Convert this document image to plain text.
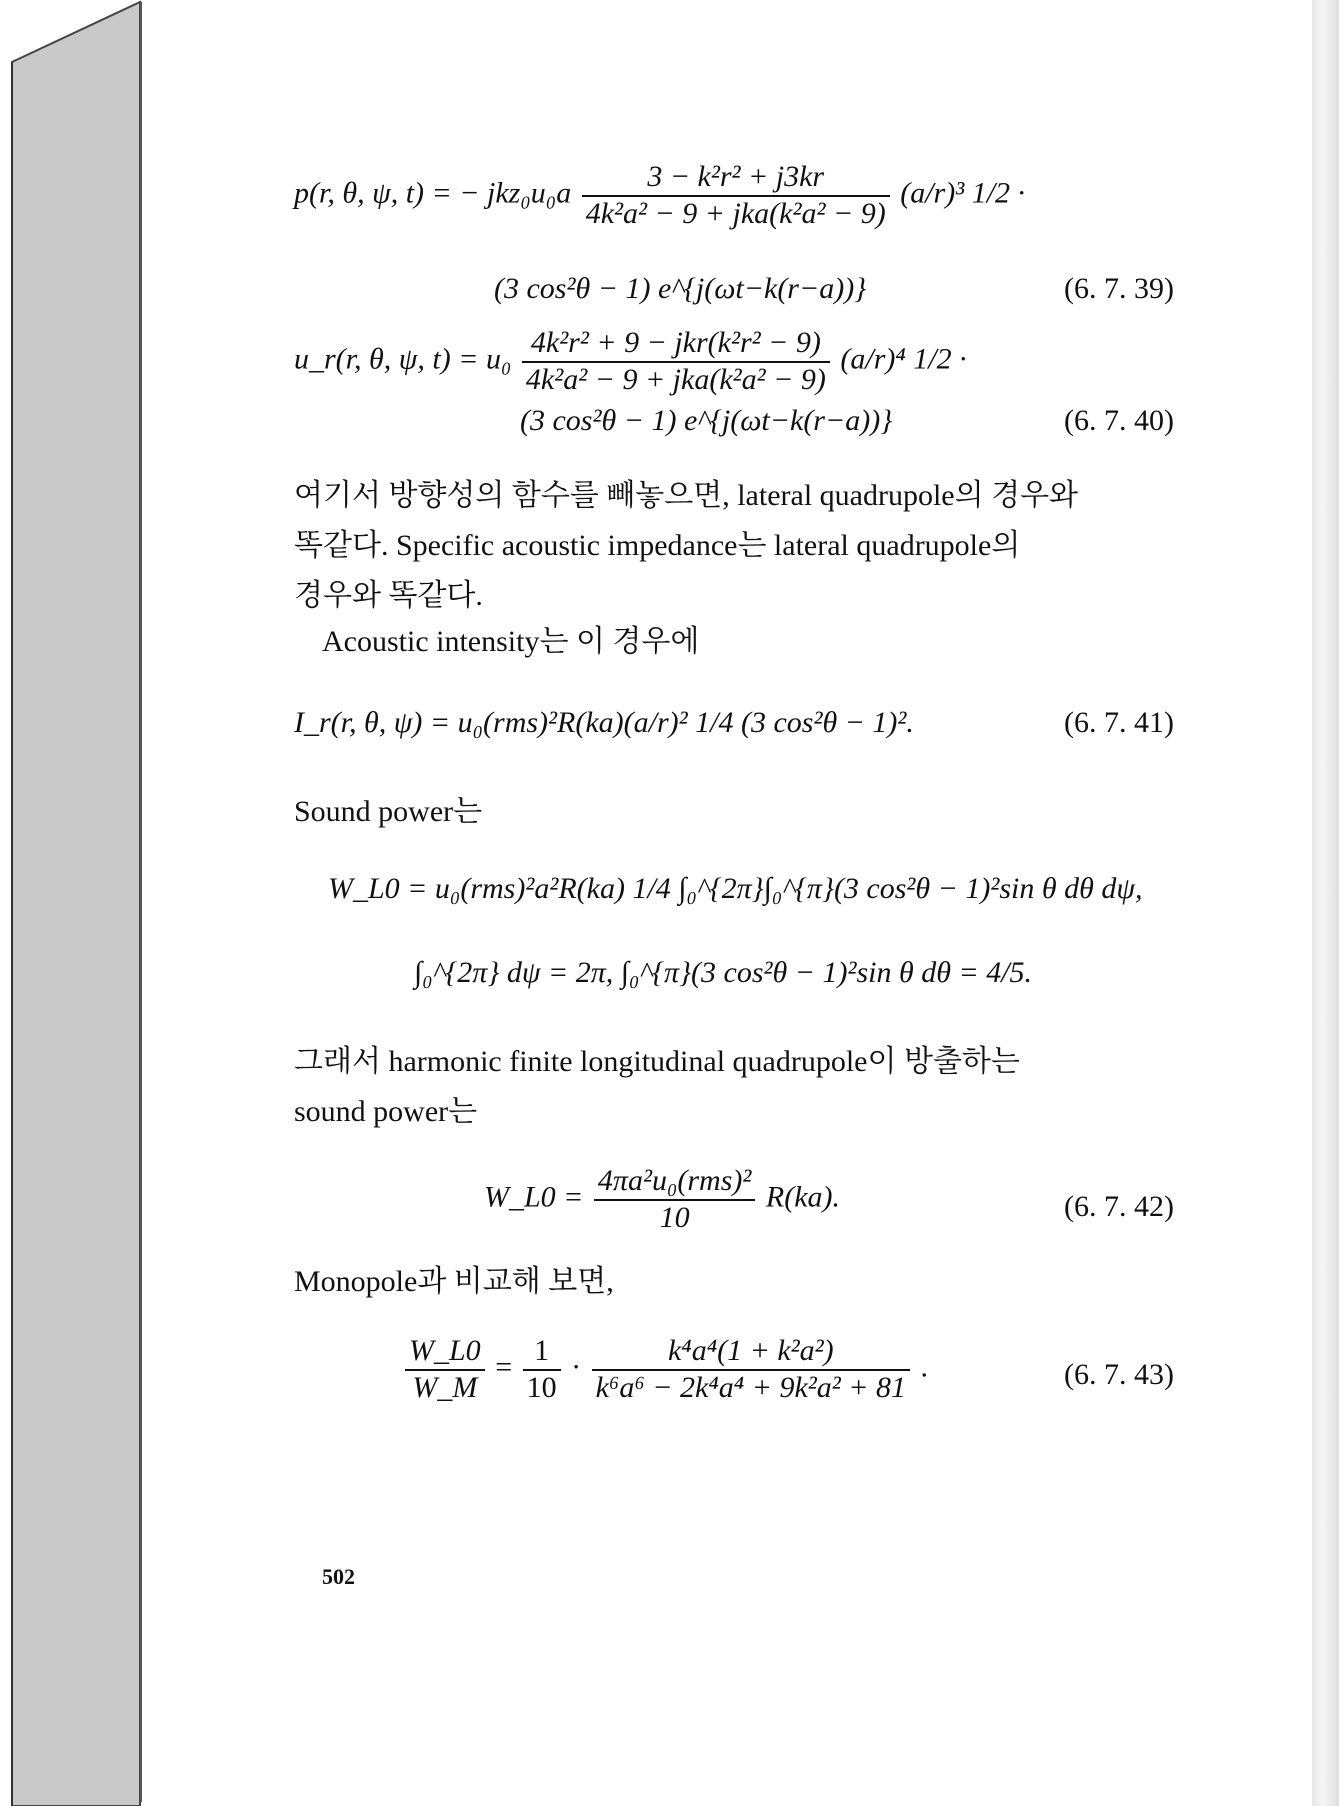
p(r, θ, ψ, t) = − $jkz_0u_0a \frac{\text{3 − k²r² + j3kr}}{\text{4k²a² − 9 + jka(k²a² − 9)}} (a/r)^3$ 1/2 ·
(3 cos²θ − 1) e^{j(ωt−k(r−a))}	(6. 7. 39)
u_r(r, θ, ψ, $t) = u_0 \frac{\text{4k²r² + 9 − jkr(k²r² − 9)}}{\text{4k²a² − 9 + jka(k²a² − 9)}} (a/r)^4$ 1/2 ·
(3 cos²θ − 1) e^{j(ωt−k(r−a))}	(6. 7. 40)
여기서 방향성의 함수를 빼놓으면, lateral quadrupole의 경우와
똑같다. Specific acoustic impedance는 lateral quadrupole의
경우와 똑같다.
Acoustic intensity는 이 경우에
I_r(r, θ, ψ) = u₀(rms)²R(ka)(a/r)² 1/4 (3 cos²θ − 1)².	(6. 7. 41)
Sound power는
W_L0 = u₀(rms)²a²R(ka) 1/4 ∫₀^{2π}∫₀^{π}(3 cos²θ − 1)²sin θ dθ dψ,
∫₀^{2π} dψ = 2π, ∫₀^{π}(3 cos²θ − 1)²sin θ dθ = 4/5.
그래서 harmonic finite longitudinal quadrupole이 방출하는
sound power는
W_L0 = $\frac{\text{4πa²u₀(rms)²}}{10} R(ka)$.	(6. 7. 42)
Monopole과 비교해 보면,
$\frac{W\_L0}{W\_M} = \frac{1}{10} \cdot \frac{\text{k⁴a⁴(1 + k²a²)}}{\text{k⁶a⁶ − 2k⁴a⁴ + 9k²a² + 81}}$ .	(6. 7. 43)
502
